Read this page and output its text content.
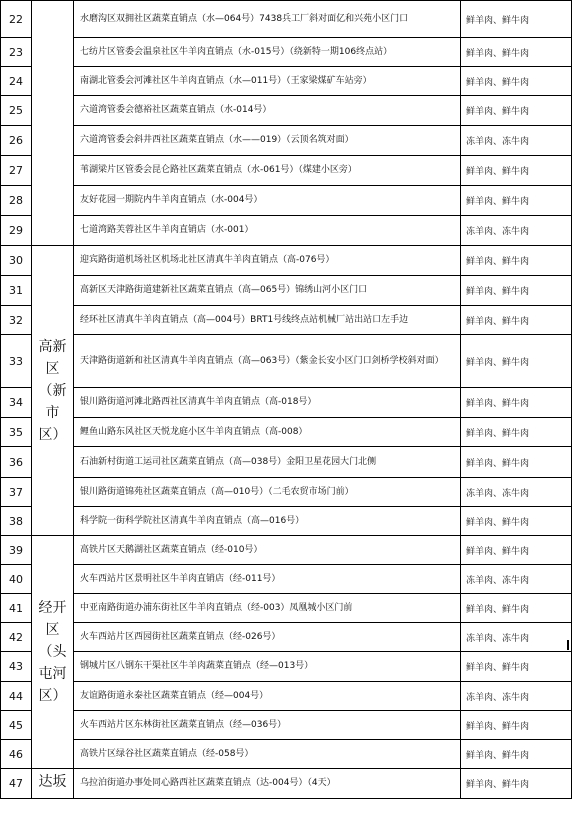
22		水磨沟区双拥社区蔬菜直销点（水—064号）7438兵工厂斜对面亿和兴苑小区门口	鲜羊肉、鲜牛肉
23		七纺片区管委会温泉社区牛羊肉直销点（水-015号）（绕新特一期106终点站）	鲜羊肉、鲜牛肉
24		南湖北管委会河滩社区牛羊肉直销点（水—011号）（王家梁煤矿车站旁）	鲜羊肉、鲜牛肉
25		六道湾管委会德裕社区蔬菜直销点（水-014号）	鲜羊肉、鲜牛肉
26		六道湾管委会斜井西社区蔬菜直销点（水——019）（云顶名筑对面）	冻羊肉、冻牛肉
27		苇湖梁片区管委会昆仑路社区蔬菜直销点（水-061号）（煤建小区旁）	鲜羊肉、鲜牛肉
28		友好花园一期院内牛羊肉直销点（水-004号）	鲜羊肉、鲜牛肉
29		七道湾路芙蓉社区牛羊肉直销店（水-001）	冻羊肉、冻牛肉
30	高新区（新市区）	迎宾路街道机场社区机场北社区清真牛羊肉直销点（高-076号）	鲜羊肉、鲜牛肉
31		高新区天津路街道建新社区蔬菜直销点（高—065号）锦绣山河小区门口	鲜羊肉、鲜牛肉
32		经环社区清真牛羊肉直销点（高—004号）BRT1号线终点站机械厂站出站口左手边	鲜羊肉、鲜牛肉
33		天津路街道新和社区清真牛羊肉直销点（高—063号）（紫金长安小区门口剑桥学校斜对面）	鲜羊肉、鲜牛肉
34		银川路街道河滩北路西社区清真牛羊肉直销点（高-018号）	鲜羊肉、鲜牛肉
35		鲤鱼山路东风社区天悦龙庭小区牛羊肉直销点（高-008）	鲜羊肉、鲜牛肉
36		石油新村街道工运司社区蔬菜直销点（高—038号）金阳卫星花园大门北侧	鲜羊肉、鲜牛肉
37		银川路街道锦苑社区蔬菜直销点（高—010号）（二毛农贸市场门前）	冻羊肉、冻牛肉
38		科学院一街科学院社区清真牛羊肉直销点（高—016号）	鲜羊肉、鲜牛肉
39	经开区（头屯河区）	高铁片区天鹅湖社区蔬菜直销点（经-010号）	鲜羊肉、鲜牛肉
40		火车西站片区景明社区牛羊肉直销店（经-011号）	冻羊肉、冻牛肉
41		中亚南路街道办浦东街社区牛羊肉直销点（经-003）凤凰城小区门前	鲜羊肉、鲜牛肉
42		火车西站片区西园街社区蔬菜直销点（经-026号）	冻羊肉、冻牛肉
43		钢城片区八钢东干渠社区牛羊肉蔬菜直销点（经—013号）	鲜羊肉、鲜牛肉
44		友谊路街道永泰社区蔬菜直销点（经—004号）	冻羊肉、冻牛肉
45		火车西站片区东林街社区蔬菜直销点（经—036号）	鲜羊肉、鲜牛肉
46		高铁片区绿谷社区蔬菜直销点（经-058号）	鲜羊肉、鲜牛肉
47	达坂	乌拉泊街道办事处同心路西社区蔬菜直销点（达-004号）（4天）	鲜羊肉、鲜牛肉
